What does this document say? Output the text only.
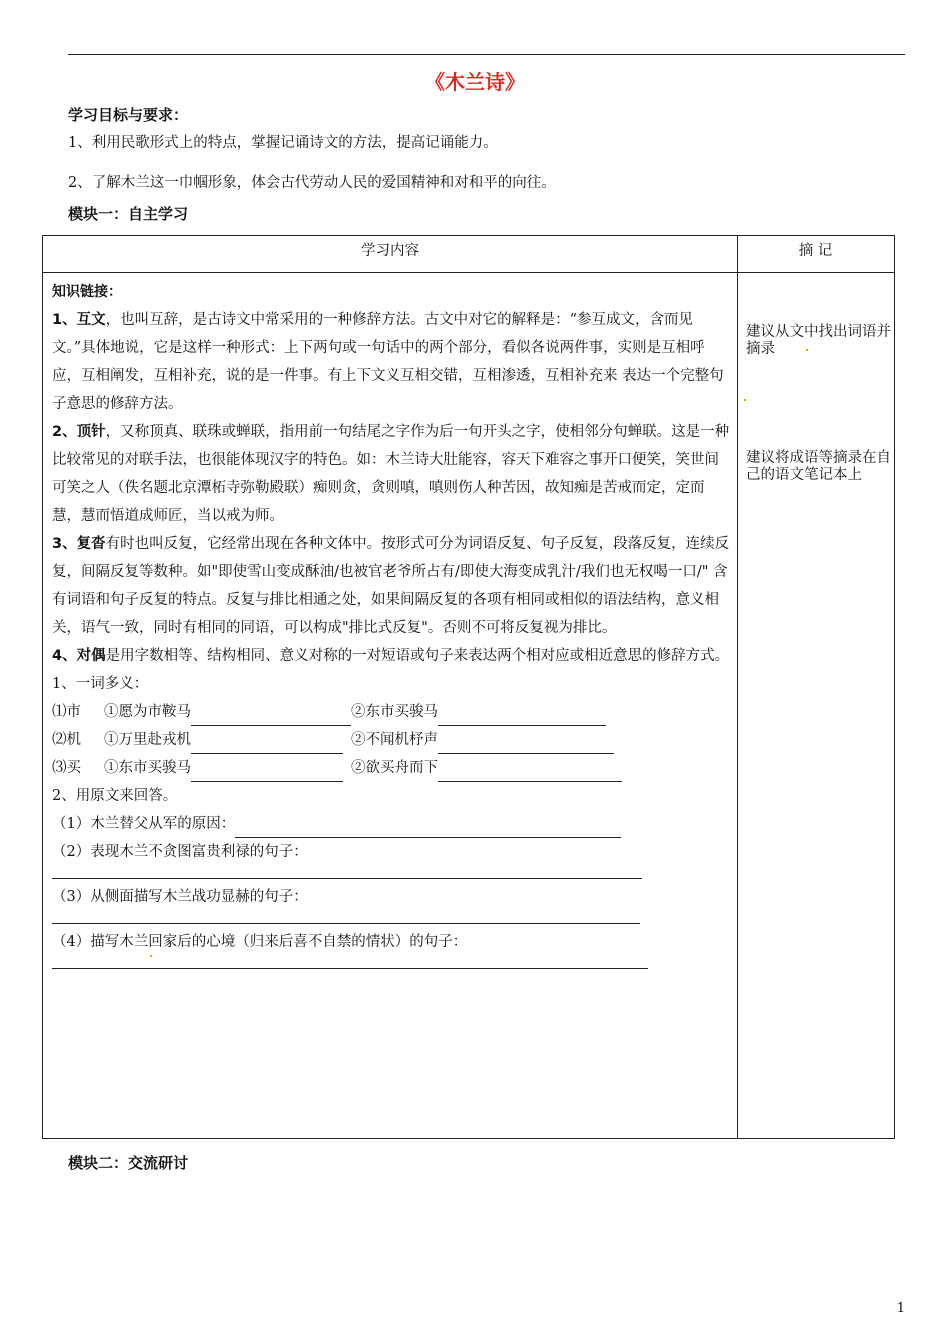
《木兰诗》
学习目标与要求：
1、利用民歌形式上的特点，掌握记诵诗文的方法，提高记诵能力。
2、了解木兰这一巾帼形象，体会古代劳动人民的爱国精神和对和平的向往。
模块一：自主学习
学习内容	摘 记

知识链接：

1、互文，也叫互辞，是古诗文中常采用的一种修辞方法。古文中对它的解释是：“参互成文，含而见文。”具体地说，它是这样一种形式：上下两句或一句话中的两个部分，看似各说两件事，实则是互相呼应，互相阐发，互相补充，说的是一件事。有上下文义互相交错，互相渗透，互相补充来 表达一个完整句子意思的修辞方法。

2、顶针，又称顶真、联珠或蝉联，指用前一句结尾之字作为后一句开头之字，使相邻分句蝉联。这是一种比较常见的对联手法，也很能体现汉字的特色。如：木兰诗大肚能容，容天下难容之事开口便笑，笑世间可笑之人（佚名题北京潭柘寺弥勒殿联）痴则贪，贪则嗔，嗔则伤人种苦因，故知痴是苦戒而定，定而慧，慧而悟道成师匠，当以戒为师。

3、复沓有时也叫反复，它经常出现在各种文体中。按形式可分为词语反复、句子反复，段落反复，连续反复，间隔反复等数种。如"即使雪山变成酥油/也被官老爷所占有/即使大海变成乳汁/我们也无权喝一口/" 含有词语和句子反复的特点。反复与排比相通之处，如果间隔反复的各项有相同或相似的语法结构，意义相关，语气一致，同时有相同的同语，可以构成"排比式反复"。否则不可将反复视为排比。

4、对偶是用字数相等、结构相同、意义对称的一对短语或句子来表达两个相对应或相近意思的修辞方式。

1、一词多义：

⑴市 ①愿为市鞍马	②东市买骏马

⑵机 ①万里赴戎机	②不闻机杼声

⑶买 ①东市买骏马	②欲买舟而下

2、用原文来回答。

（1）木兰替父从军的原因：

（2）表现木兰不贪图富贵利禄的句子：

（3）从侧面描写木兰战功显赫的句子：

（4）描写木兰回家后的心境（归来后喜不自禁的情状）的句子：

建议从文中找出词语并摘录
建议将成语等摘录在自己的语文笔记本上
模块二：交流研讨
1
